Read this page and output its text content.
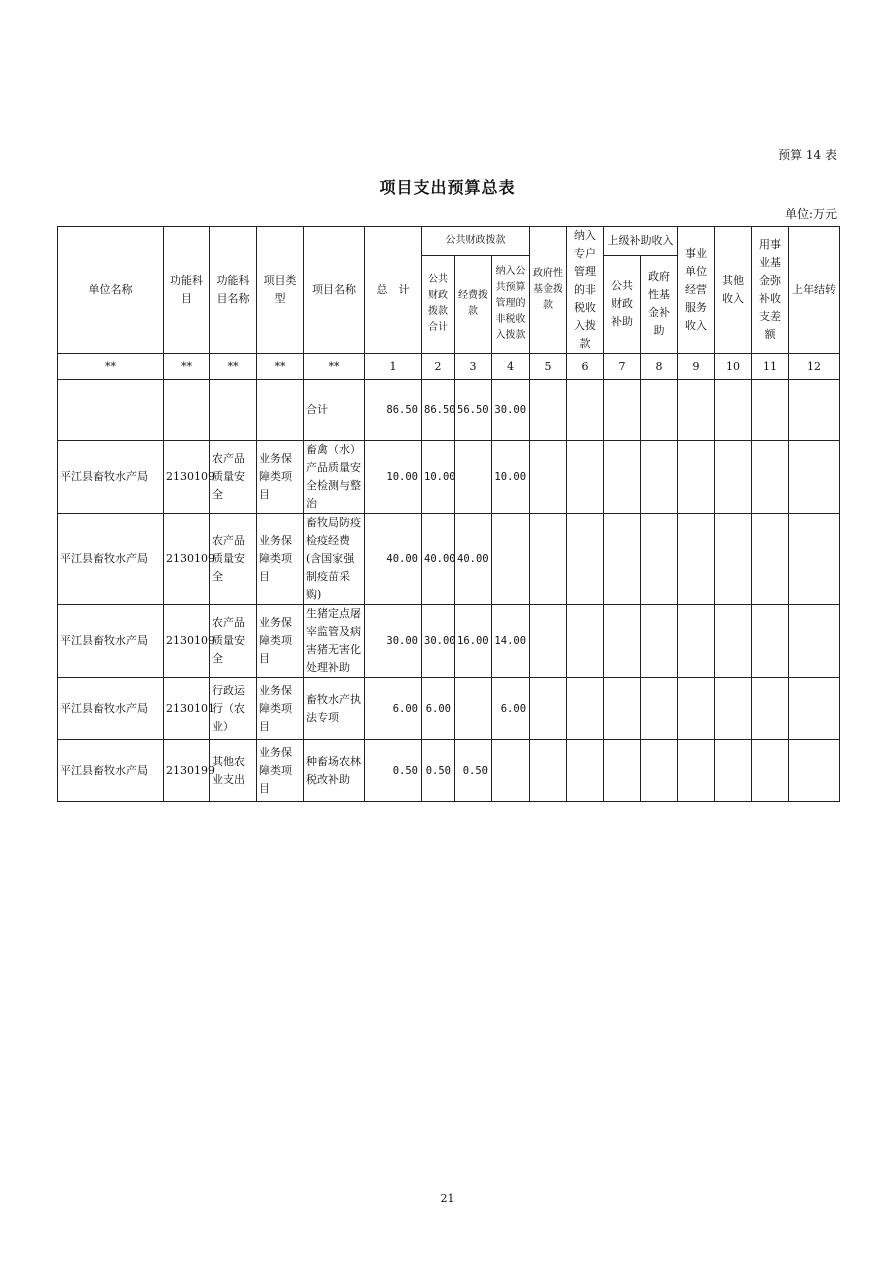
预算 14 表
项目支出预算总表
单位:万元
单位名称	功能科目	功能科目名称	项目类型	项目名称	总　计	公共财政拨款			政府性基金拨款	纳入专户管理的非税收入拨款	上级补助收入		事业单位经营服务收入	其他收入	用事业基金弥补收支差额	上年结转
						公共财政拨款合计	经费拨款	纳入公共预算管理的非税收入拨款			公共财政补助	政府性基金补助				
**	**	**	**	**	1	2	3	4	5	6	7	8	9	10	11	12
				合计	86.50	86.50	56.50	30.00								
平江县畜牧水产局	2130109	农产品质量安全	业务保障类项目	畜禽（水）产品质量安全检测与整治	10.00	10.00		10.00								
平江县畜牧水产局	2130109	农产品质量安全	业务保障类项目	畜牧局防疫检疫经费(含国家强制疫苗采购)	40.00	40.00	40.00									
平江县畜牧水产局	2130109	农产品质量安全	业务保障类项目	生猪定点屠宰监管及病害猪无害化处理补助	30.00	30.00	16.00	14.00								
平江县畜牧水产局	2130101	行政运行（农业）	业务保障类项目	畜牧水产执法专项	6.00	6.00		6.00								
平江县畜牧水产局	2130199	其他农业支出	业务保障类项目	种畜场农林税改补助	0.50	0.50	0.50									
21
